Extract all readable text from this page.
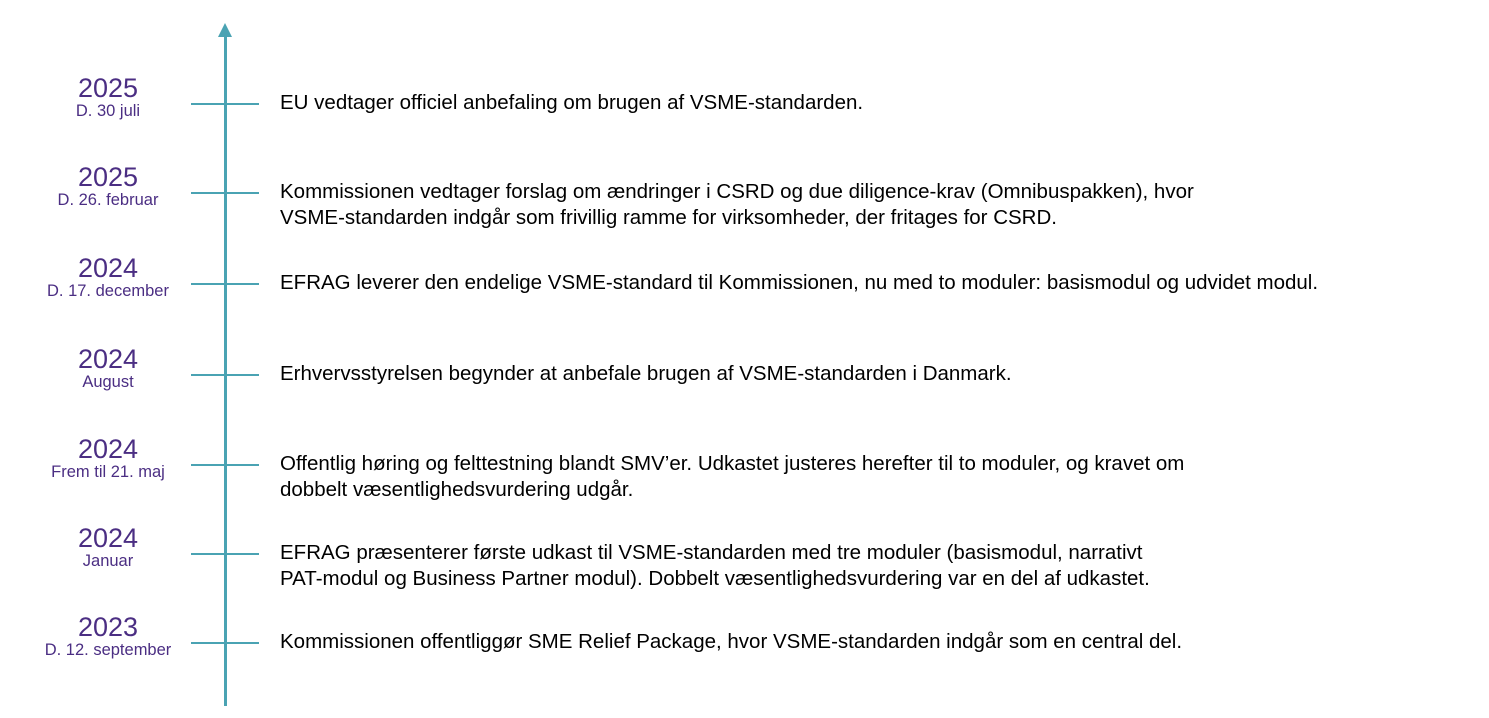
2025
D. 30 juli	EU vedtager officiel anbefaling om brugen af VSME-standarden.
2025
D. 26. februar	Kommissionen vedtager forslag om ændringer i CSRD og due diligence-krav (Omnibuspakken), hvor
VSME-standarden indgår som frivillig ramme for virksomheder, der fritages for CSRD.
2024
D. 17. december	EFRAG leverer den endelige VSME-standard til Kommissionen, nu med to moduler: basismodul og udvidet modul.
2024
August	Erhvervsstyrelsen begynder at anbefale brugen af VSME-standarden i Danmark.
2024
Frem til 21. maj	Offentlig høring og felttestning blandt SMV’er. Udkastet justeres herefter til to moduler, og kravet om
dobbelt væsentlighedsvurdering udgår.
2024
Januar	EFRAG præsenterer første udkast til VSME-standarden med tre moduler (basismodul, narrativt
PAT-modul og Business Partner modul). Dobbelt væsentlighedsvurdering var en del af udkastet.
2023
D. 12. september	Kommissionen offentliggør SME Relief Package, hvor VSME-standarden indgår som en central del.
